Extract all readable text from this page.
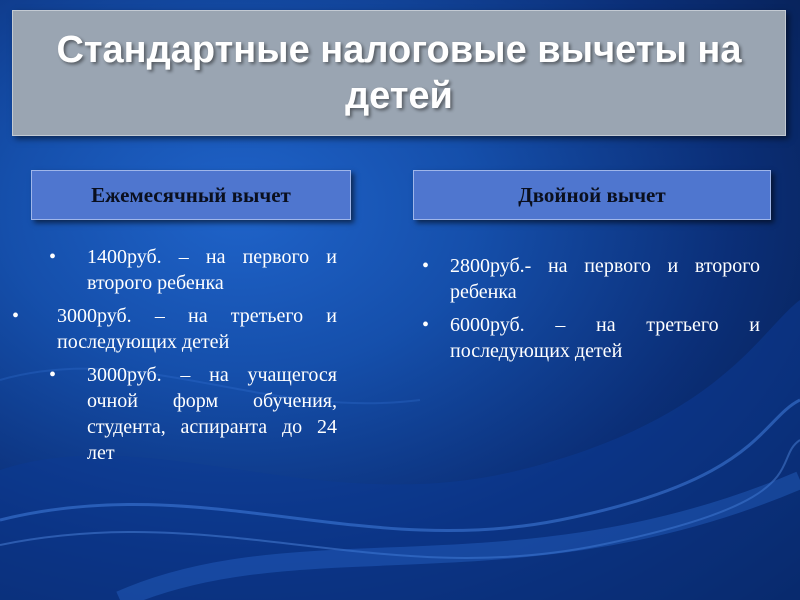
Стандартные налоговые вычеты на детей
Ежемесячный вычет	Двойной вычет
• 1400руб. – на первого и второго ребенка
• 3000руб. – на третьего и последующих детей
• 3000руб. – на учащегося очной форм обучения, студента, аспиранта до 24 лет
• 2800руб.- на первого и второго ребенка
• 6000руб. – на третьего и последующих детей
